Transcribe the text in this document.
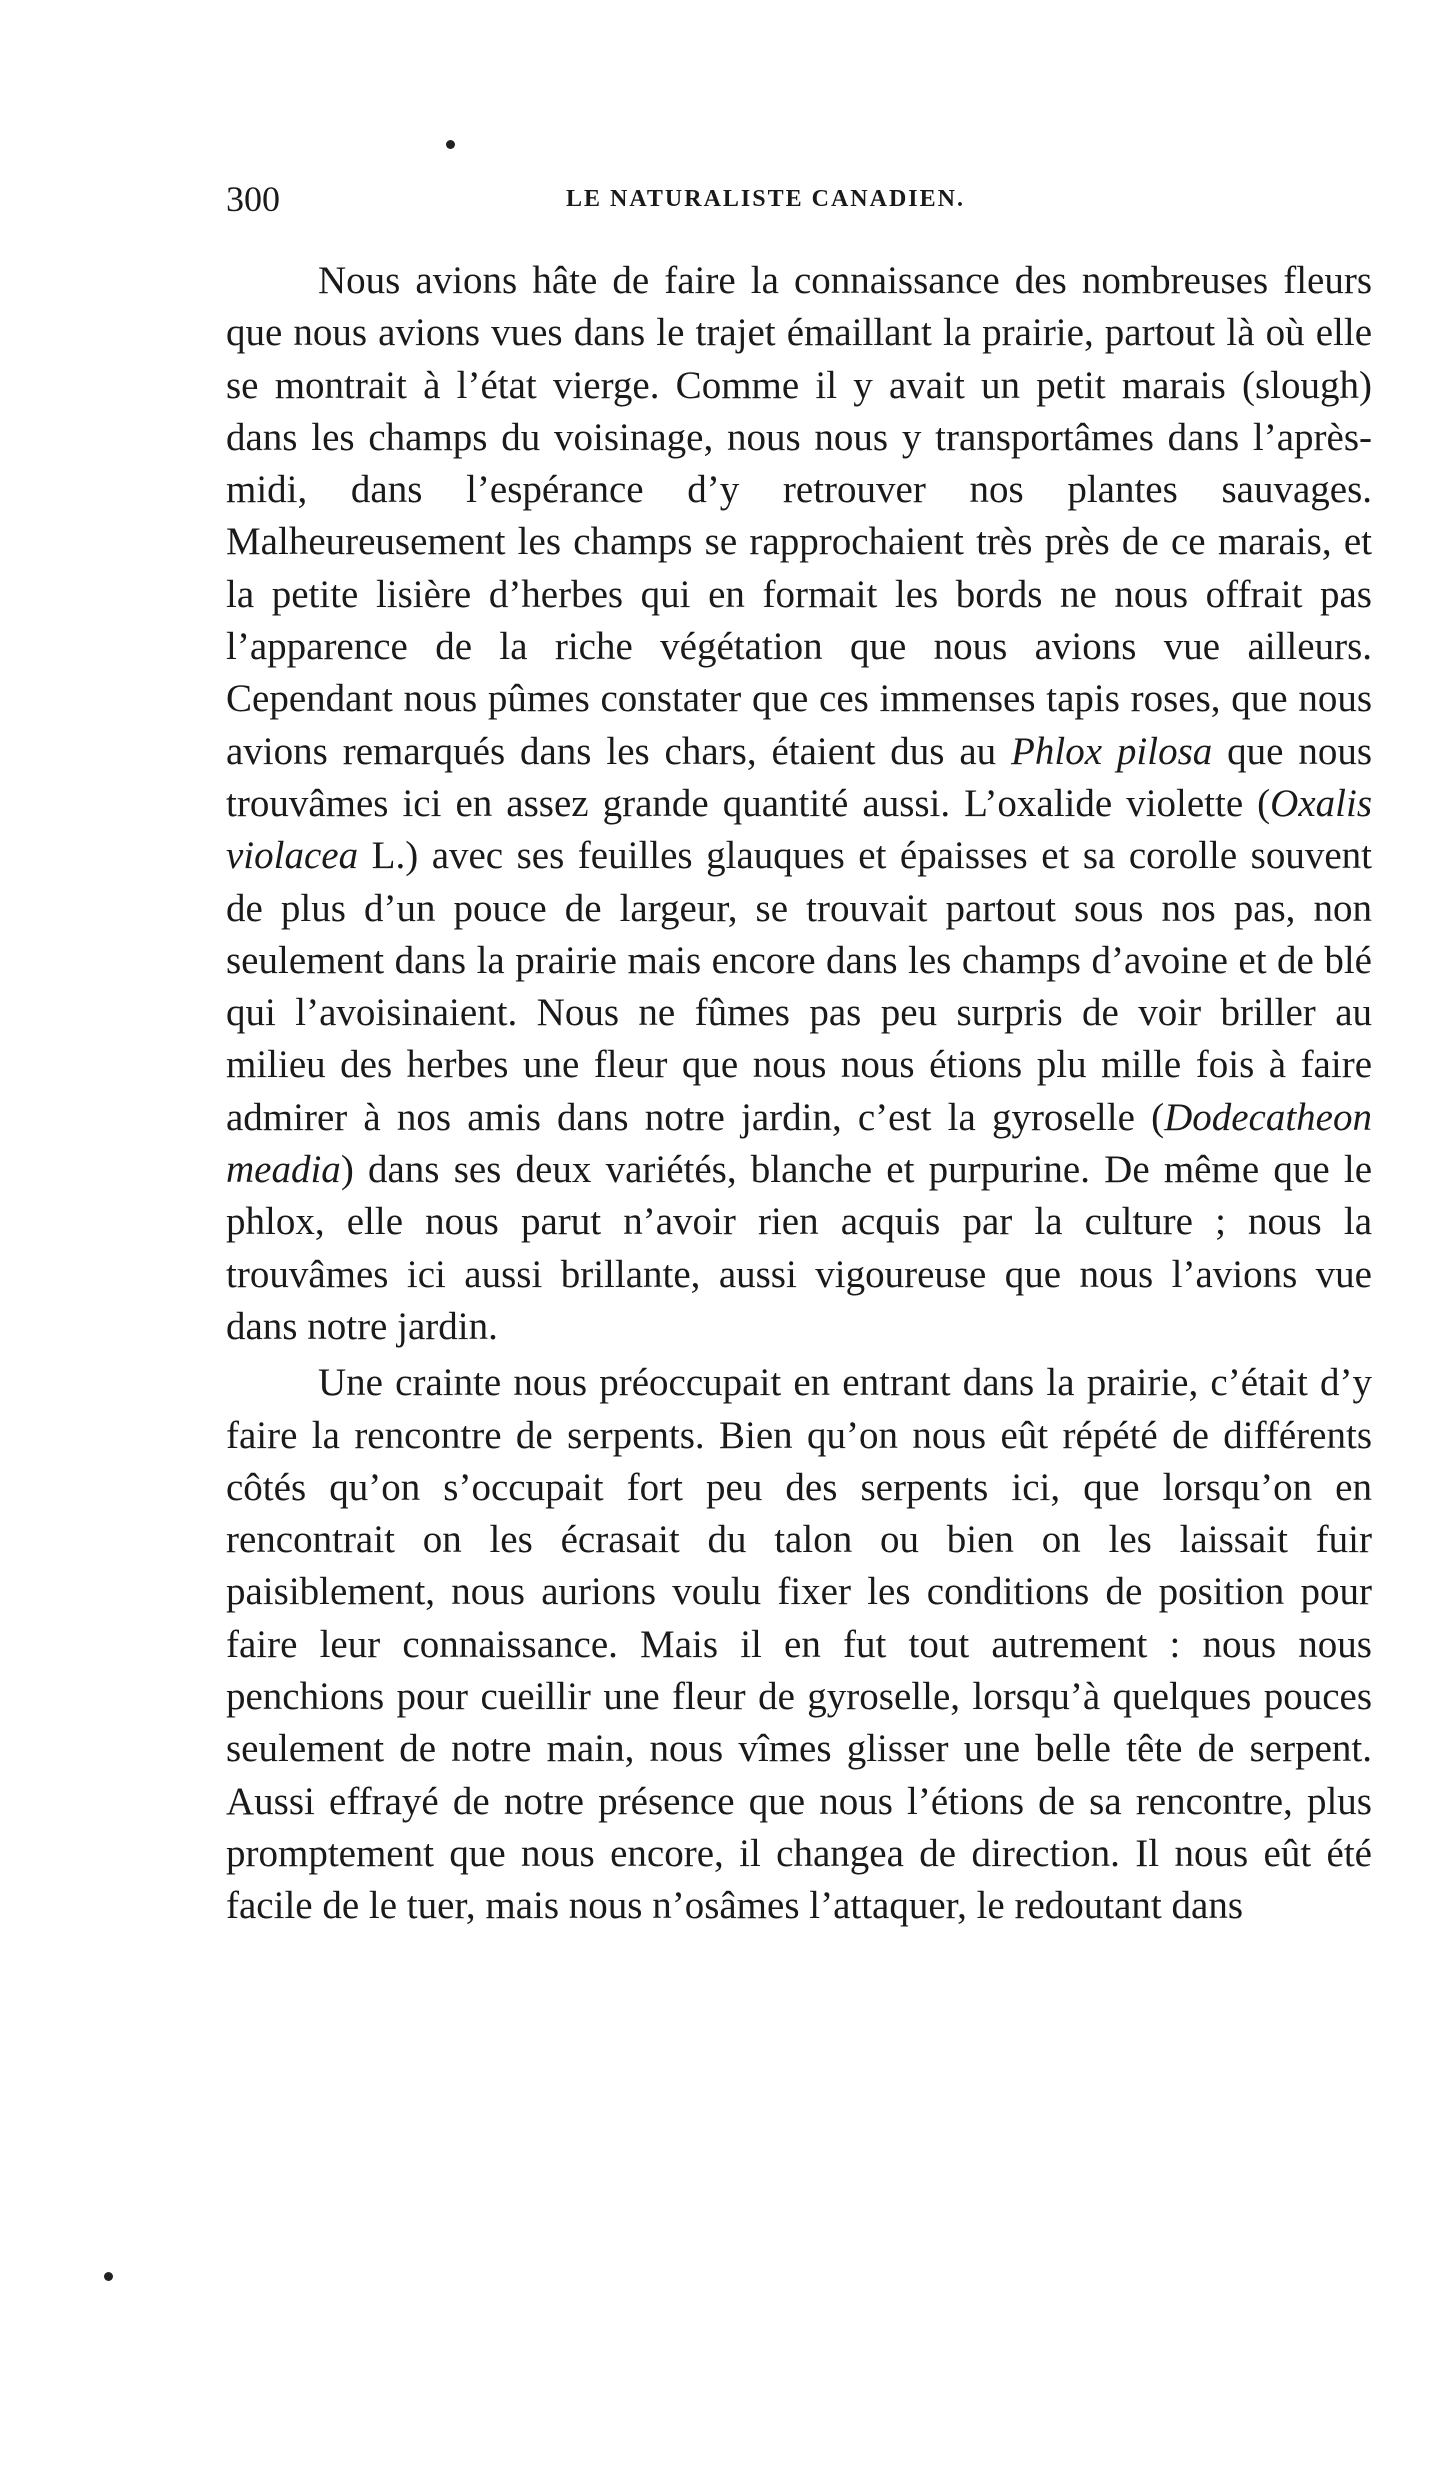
300	LE NATURALISTE CANADIEN.

Nous avions hâte de faire la connaissance des nombreuses fleurs que nous avions vues dans le trajet émaillant la prairie, partout là où elle se montrait à l’état vierge. Comme il y avait un petit marais (slough) dans les champs du voisinage, nous nous y transportâmes dans l’après-midi, dans l’espérance d’y retrouver nos plantes sauvages. Malheureusement les champs se rapprochaient très près de ce marais, et la petite lisière d’herbes qui en formait les bords ne nous offrait pas l’apparence de la riche végétation que nous avions vue ailleurs. Cependant nous pûmes constater que ces immenses tapis roses, que nous avions remarqués dans les chars, étaient dus au Phlox pilosa que nous trouvâmes ici en assez grande quantité aussi. L’oxalide violette (Oxalis violacea L.) avec ses feuilles glauques et épaisses et sa corolle souvent de plus d’un pouce de largeur, se trouvait partout sous nos pas, non seulement dans la prairie mais encore dans les champs d’avoine et de blé qui l’avoisinaient. Nous ne fûmes pas peu surpris de voir briller au milieu des herbes une fleur que nous nous étions plu mille fois à faire admirer à nos amis dans notre jardin, c’est la gyroselle (Dodecatheon meadia) dans ses deux variétés, blanche et purpurine. De même que le phlox, elle nous parut n’avoir rien acquis par la culture ; nous la trouvâmes ici aussi brillante, aussi vigoureuse que nous l’avions vue dans notre jardin.

Une crainte nous préoccupait en entrant dans la prairie, c’était d’y faire la rencontre de serpents. Bien qu’on nous eût répété de différents côtés qu’on s’occupait fort peu des serpents ici, que lorsqu’on en rencontrait on les écrasait du talon ou bien on les laissait fuir paisiblement, nous aurions voulu fixer les conditions de position pour faire leur connaissance. Mais il en fut tout autrement : nous nous penchions pour cueillir une fleur de gyroselle, lorsqu’à quelques pouces seulement de notre main, nous vîmes glisser une belle tête de serpent. Aussi effrayé de notre présence que nous l’étions de sa rencontre, plus promptement que nous encore, il changea de direction. Il nous eût été facile de le tuer, mais nous n’osâmes l’attaquer, le redoutant dans
